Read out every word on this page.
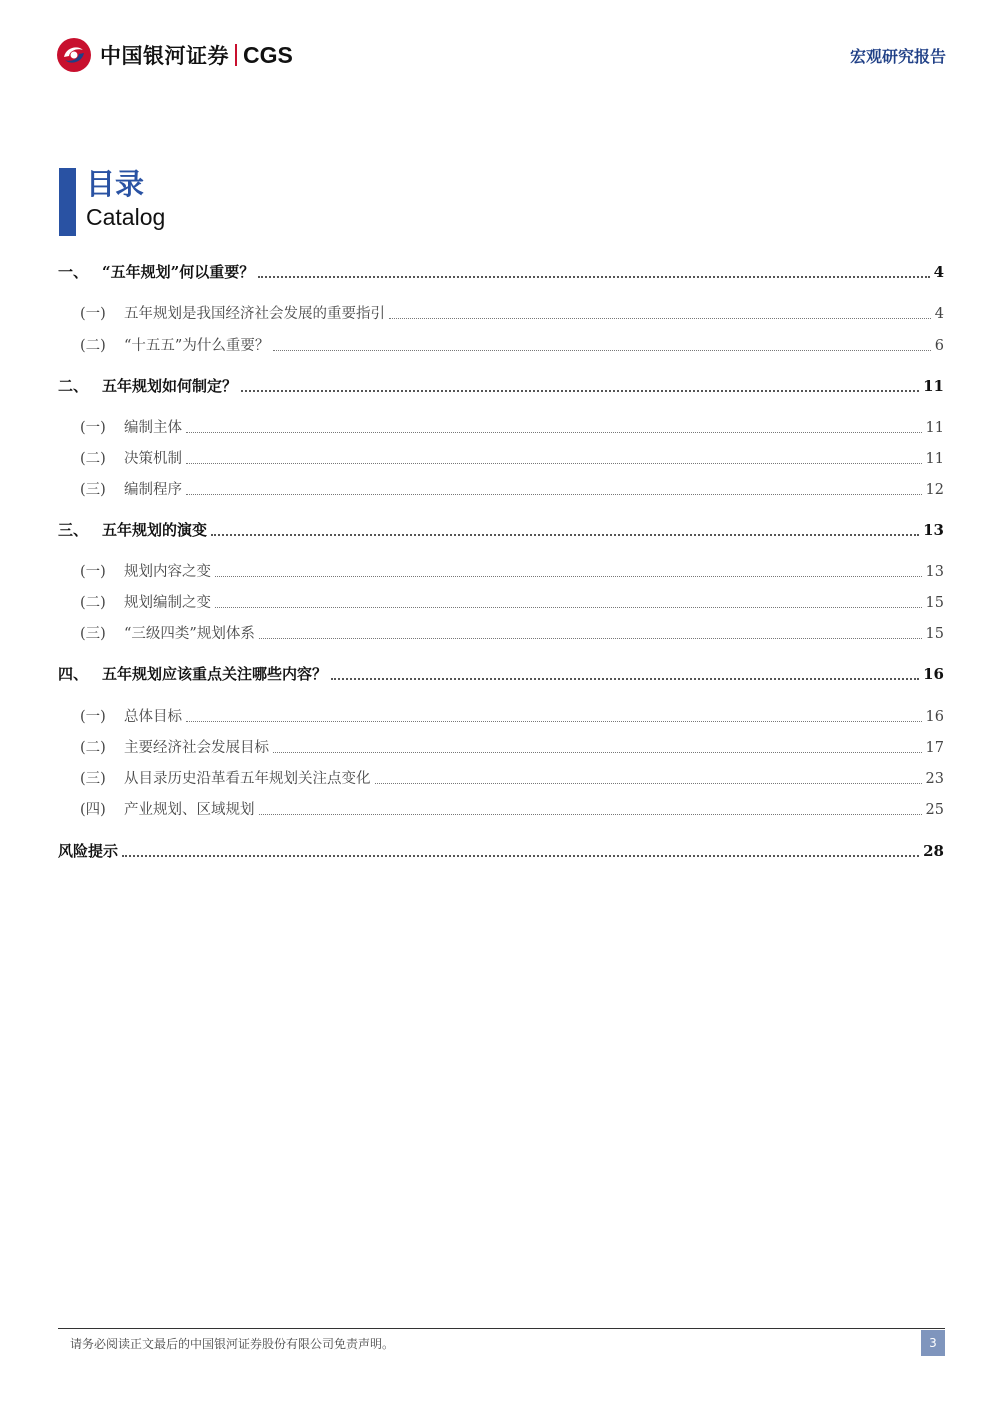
中国银河证券 CGS	宏观研究报告
目录
Catalog
一、 “五年规划”何以重要？	4
(一)	五年规划是我国经济社会发展的重要指引	4
(二)	“十五五”为什么重要？	6
二、 五年规划如何制定？	11
(一)	编制主体	11
(二)	决策机制	11
(三)	编制程序	12
三、 五年规划的演变	13
(一)	规划内容之变	13
(二)	规划编制之变	15
(三)	“三级四类”规划体系	15
四、 五年规划应该重点关注哪些内容？	16
(一)	总体目标	16
(二)	主要经济社会发展目标	17
(三)	从目录历史沿革看五年规划关注点变化	23
(四)	产业规划、区域规划	25
风险提示	28
请务必阅读正文最后的中国银河证券股份有限公司免责声明。	3
